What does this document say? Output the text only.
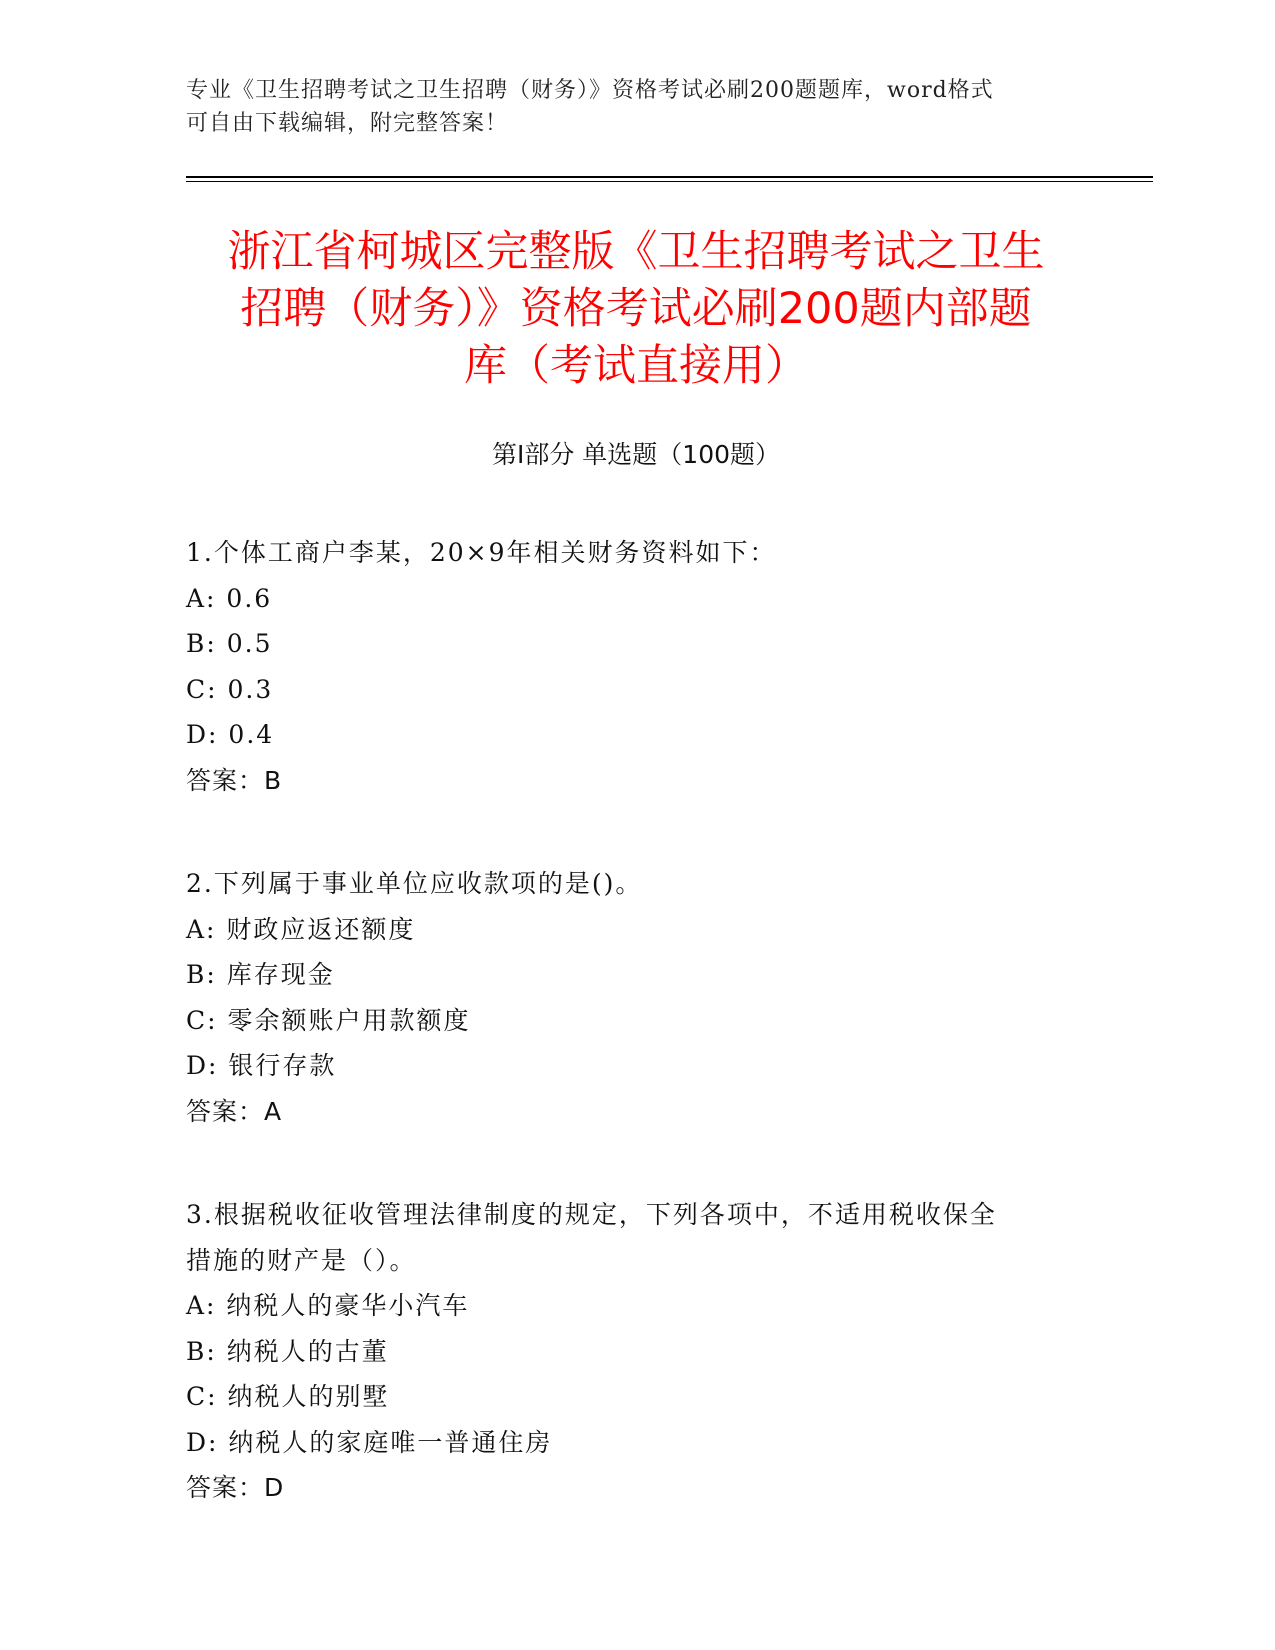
专业《卫生招聘考试之卫生招聘（财务）》资格考试必刷200题题库，word格式
可自由下载编辑，附完整答案！
浙江省柯城区完整版《卫生招聘考试之卫生
招聘（财务）》资格考试必刷200题内部题
库（考试直接用）
第Ⅰ部分 单选题（100题）
1.个体工商户李某，20×9年相关财务资料如下：
A: 0.6
B: 0.5
C: 0.3
D: 0.4
答案：B
2.下列属于事业单位应收款项的是()。
A: 财政应返还额度
B: 库存现金
C: 零余额账户用款额度
D: 银行存款
答案：A
3.根据税收征收管理法律制度的规定，下列各项中，不适用税收保全
措施的财产是（）。
A: 纳税人的豪华小汽车
B: 纳税人的古董
C: 纳税人的别墅
D: 纳税人的家庭唯一普通住房
答案：D
